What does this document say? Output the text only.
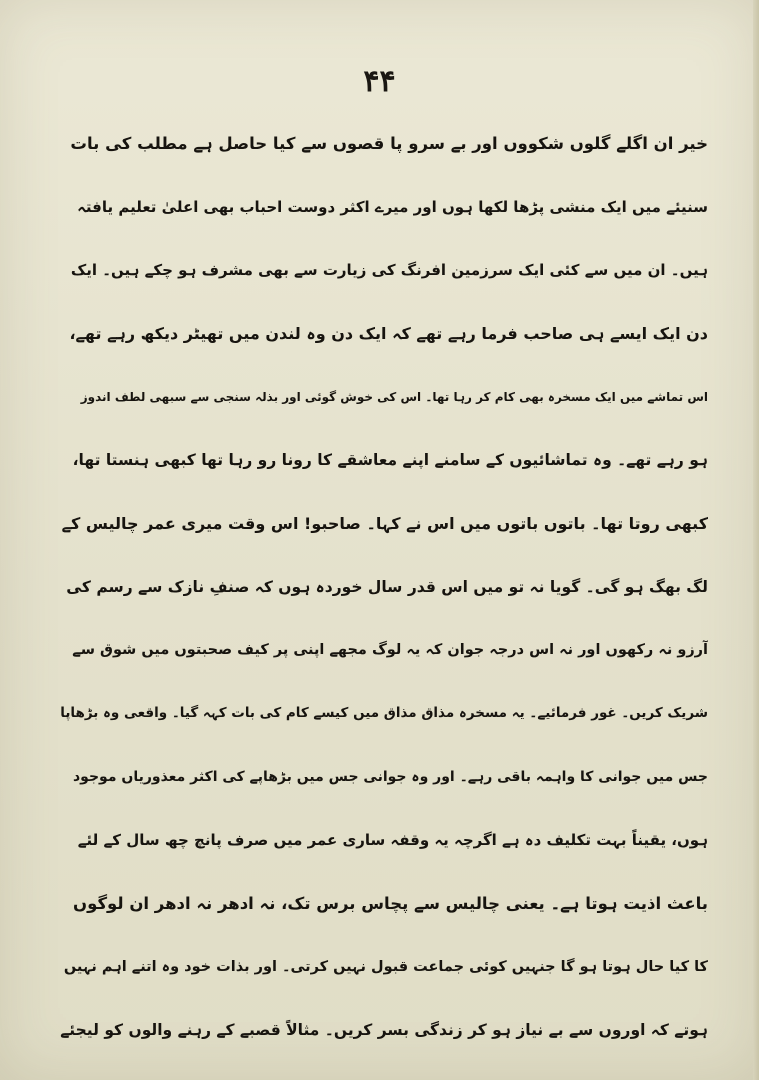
۴۴
خیر ان اگلے گلوں شکووں اور بے سرو پا قصوں سے کیا حاصل ہے مطلب کی بات
سنیئے میں ایک منشی پڑھا لکھا ہوں اور میرے اکثر دوست احباب بھی اعلیٰ تعلیم یافتہ
ہیں۔ ان میں سے کئی ایک سرزمین افرنگ کی زیارت سے بھی مشرف ہو چکے ہیں۔ ایک
دن ایک ایسے ہی صاحب فرما رہے تھے کہ ایک دن وہ لندن میں تھیٹر دیکھ رہے تھے،
اس تماشے میں ایک مسخرہ بھی کام کر رہا تھا۔ اس کی خوش گوئی اور بذلہ سنجی سے سبھی لطف اندوز
ہو رہے تھے۔ وہ تماشائیوں کے سامنے اپنے معاشقے کا رونا رو رہا تھا کبھی ہنستا تھا،
کبھی روتا تھا۔ باتوں باتوں میں اس نے کہا۔ صاحبو! اس وقت میری عمر چالیس کے
لگ بھگ ہو گی۔ گویا نہ تو میں اس قدر سال خوردہ ہوں کہ صنفِ نازک سے رسم کی
آرزو نہ رکھوں اور نہ اس درجہ جوان کہ یہ لوگ مجھے اپنی پر کیف صحبتوں میں شوق سے
شریک کریں۔ غور فرمائیے۔ یہ مسخرہ مذاق مذاق میں کیسے کام کی بات کہہ گیا۔ واقعی وہ بڑھاپا
جس میں جوانی کا واہمہ باقی رہے۔ اور وہ جوانی جس میں بڑھاپے کی اکثر معذوریاں موجود
ہوں، یقیناً بہت تکلیف دہ ہے اگرچہ یہ وقفہ ساری عمر میں صرف پانچ چھ سال کے لئے
باعث اذیت ہوتا ہے۔ یعنی چالیس سے پچاس برس تک، نہ ادھر نہ ادھر ان لوگوں
کا کیا حال ہوتا ہو گا جنہیں کوئی جماعت قبول نہیں کرتی۔ اور بذات خود وہ اتنے اہم نہیں
ہوتے کہ اوروں سے بے نیاز ہو کر زندگی بسر کریں۔ مثالاً قصبے کے رہنے والوں کو لیجئے
